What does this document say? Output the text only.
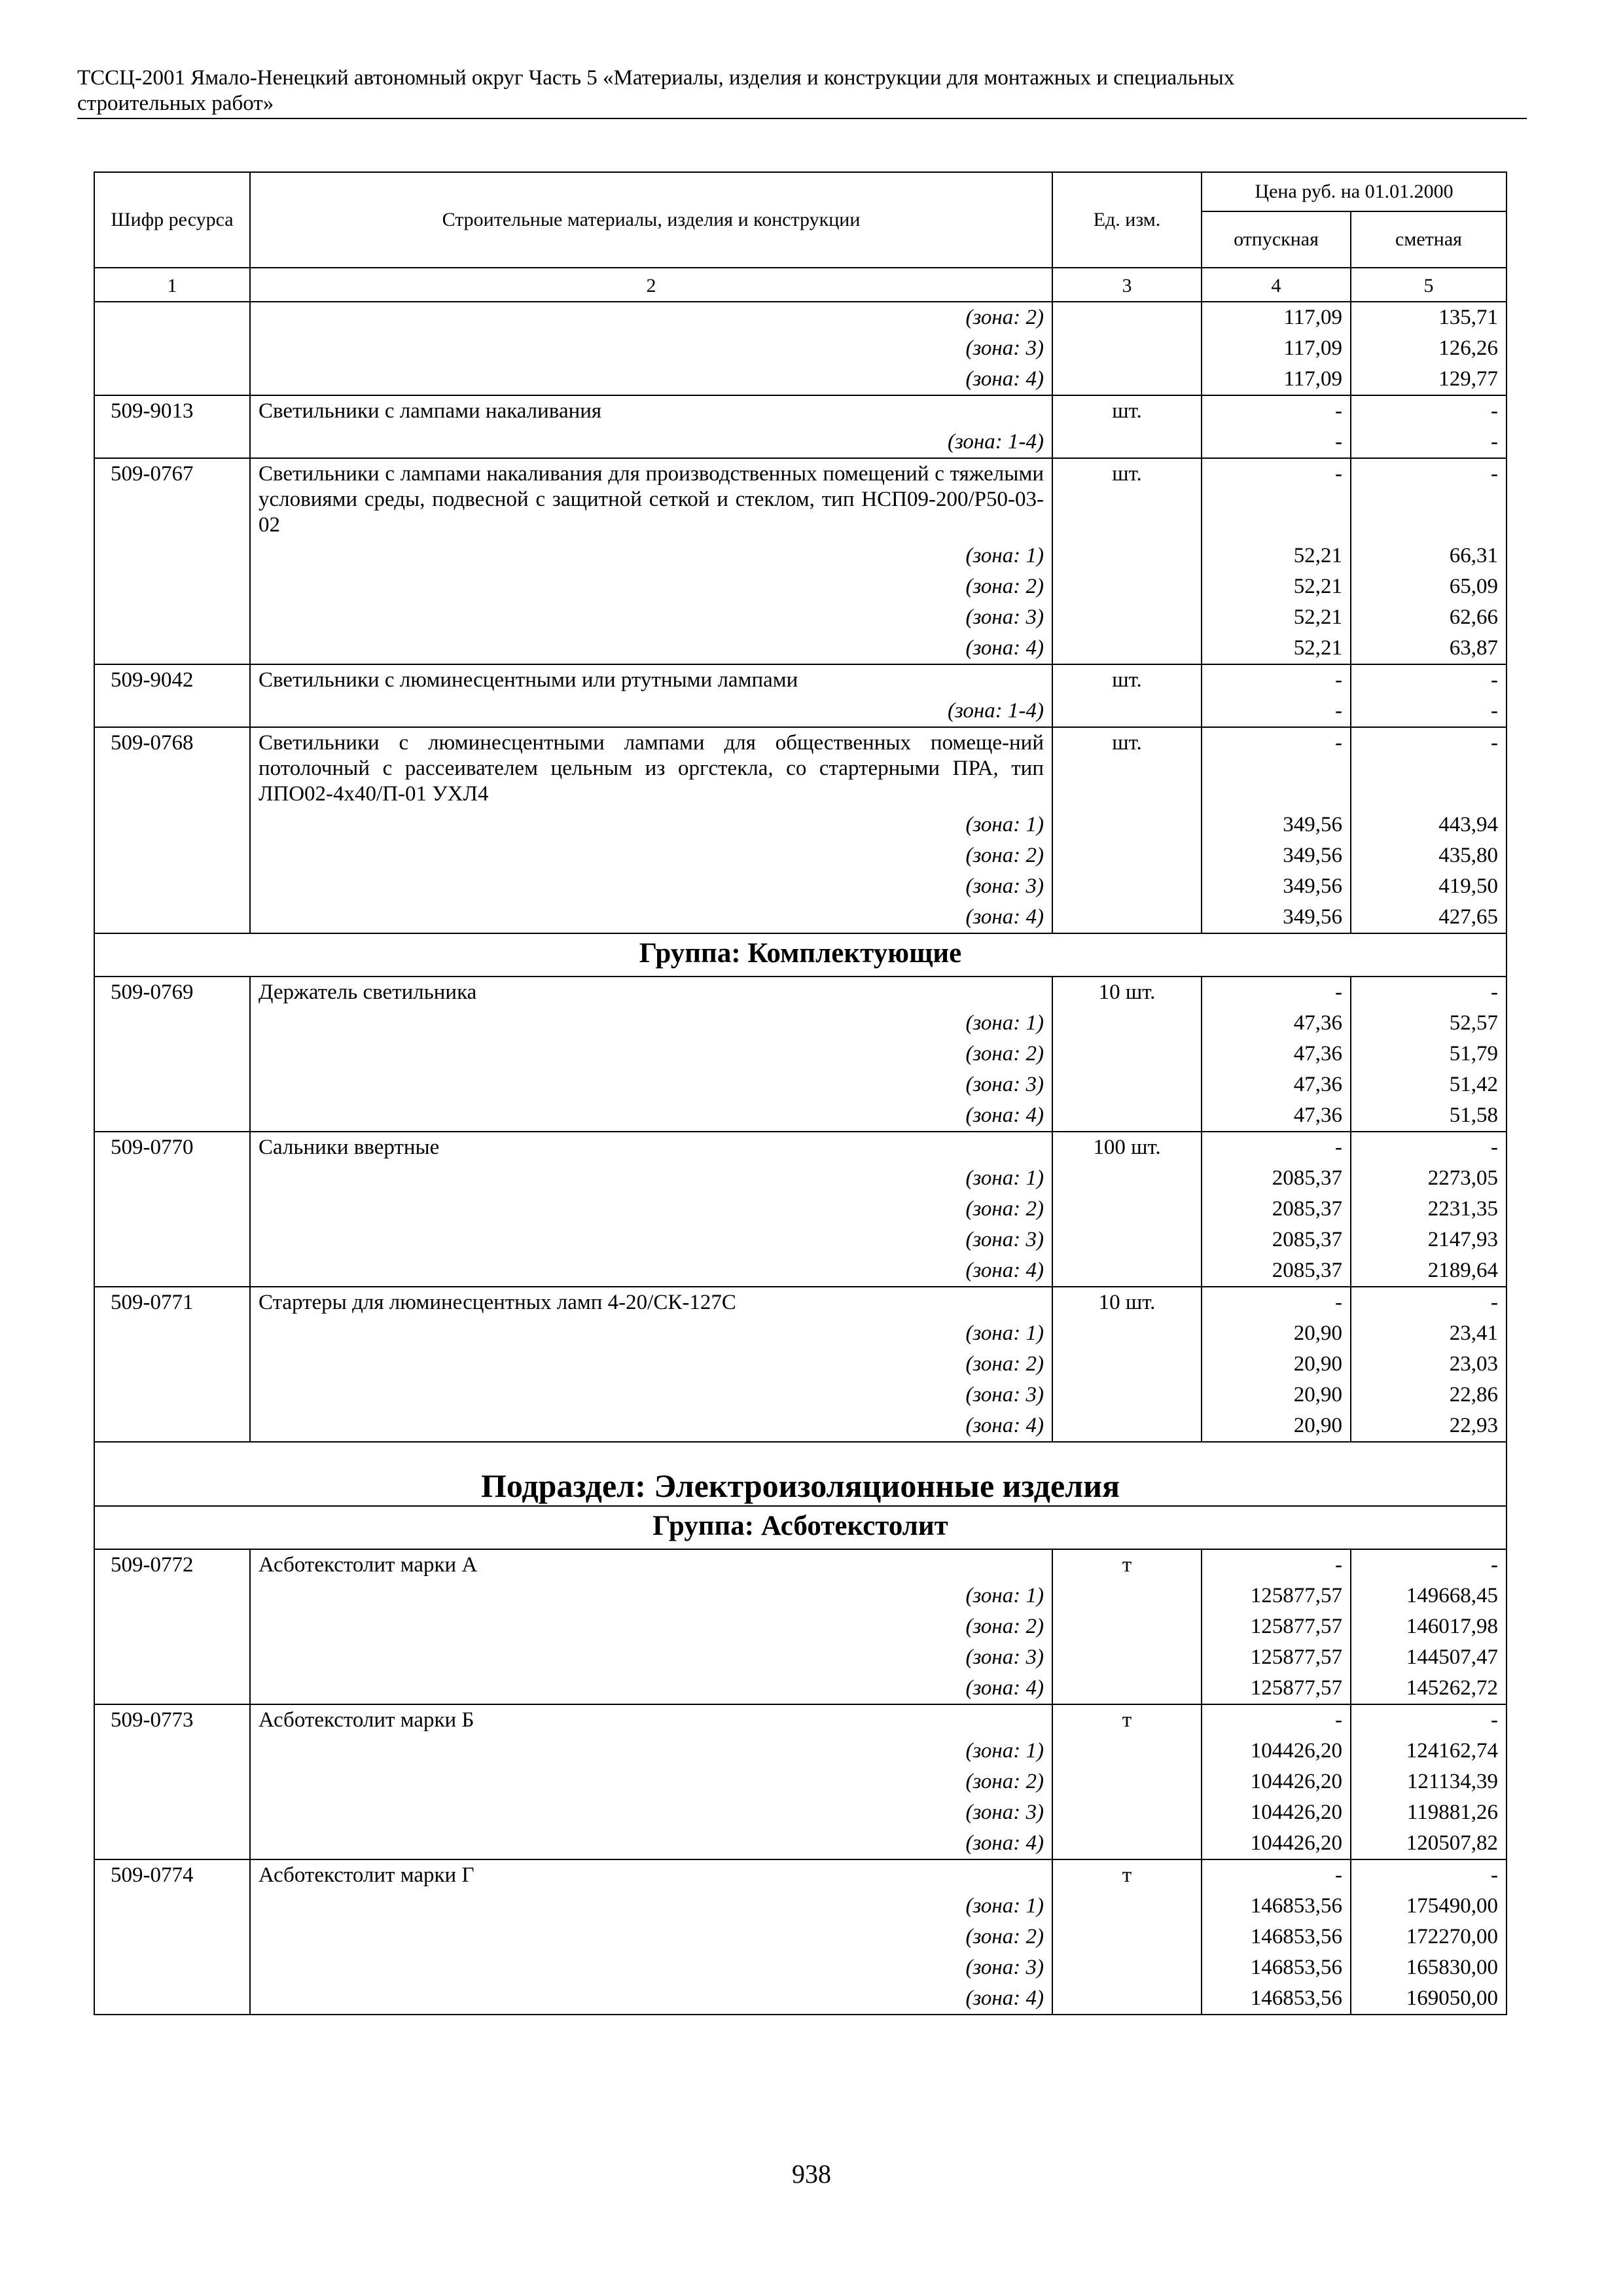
ТССЦ-2001 Ямало-Ненецкий автономный округ Часть 5 «Материалы, изделия и конструкции для монтажных и специальных
строительных работ»
Шифр ресурса	Строительные материалы, изделия и конструкции	Ед. изм.	Цена руб. на 01.01.2000	
			отпускная	сметная
1	2	3	4	5
	(зона: 2)		117,09	135,71
	(зона: 3)		117,09	126,26
	(зона: 4)		117,09	129,77
509-9013	Светильники с лампами накаливания	шт.	-	-
	(зона: 1-4)		-	-
509-0767	Светильники с лампами накаливания для производственных помещений с тяжелыми условиями среды, подвесной с защитной сеткой и стеклом, тип НСП09-200/Р50-03-02	шт.	-	-
	(зона: 1)		52,21	66,31
	(зона: 2)		52,21	65,09
	(зона: 3)		52,21	62,66
	(зона: 4)		52,21	63,87
509-9042	Светильники с люминесцентными или ртутными лампами	шт.	-	-
	(зона: 1-4)		-	-
509-0768	Светильники с люминесцентными лампами для общественных помеще-ний потолочный с рассеивателем цельным из оргстекла, со стартерными ПРА, тип ЛПО02-4х40/П-01 УХЛ4	шт.	-	-
	(зона: 1)		349,56	443,94
	(зона: 2)		349,56	435,80
	(зона: 3)		349,56	419,50
	(зона: 4)		349,56	427,65
Группа: Комплектующие				
509-0769	Держатель светильника	10 шт.	-	-
	(зона: 1)		47,36	52,57
	(зона: 2)		47,36	51,79
	(зона: 3)		47,36	51,42
	(зона: 4)		47,36	51,58
509-0770	Сальники ввертные	100 шт.	-	-
	(зона: 1)		2085,37	2273,05
	(зона: 2)		2085,37	2231,35
	(зона: 3)		2085,37	2147,93
	(зона: 4)		2085,37	2189,64
509-0771	Стартеры для люминесцентных ламп 4-20/СК-127С	10 шт.	-	-
	(зона: 1)		20,90	23,41
	(зона: 2)		20,90	23,03
	(зона: 3)		20,90	22,86
	(зона: 4)		20,90	22,93
Подраздел: Электроизоляционные изделия				
Группа: Асботекстолит				
509-0772	Асботекстолит марки А	т	-	-
	(зона: 1)		125877,57	149668,45
	(зона: 2)		125877,57	146017,98
	(зона: 3)		125877,57	144507,47
	(зона: 4)		125877,57	145262,72
509-0773	Асботекстолит марки Б	т	-	-
	(зона: 1)		104426,20	124162,74
	(зона: 2)		104426,20	121134,39
	(зона: 3)		104426,20	119881,26
	(зона: 4)		104426,20	120507,82
509-0774	Асботекстолит марки Г	т	-	-
	(зона: 1)		146853,56	175490,00
	(зона: 2)		146853,56	172270,00
	(зона: 3)		146853,56	165830,00
	(зона: 4)		146853,56	169050,00
938
